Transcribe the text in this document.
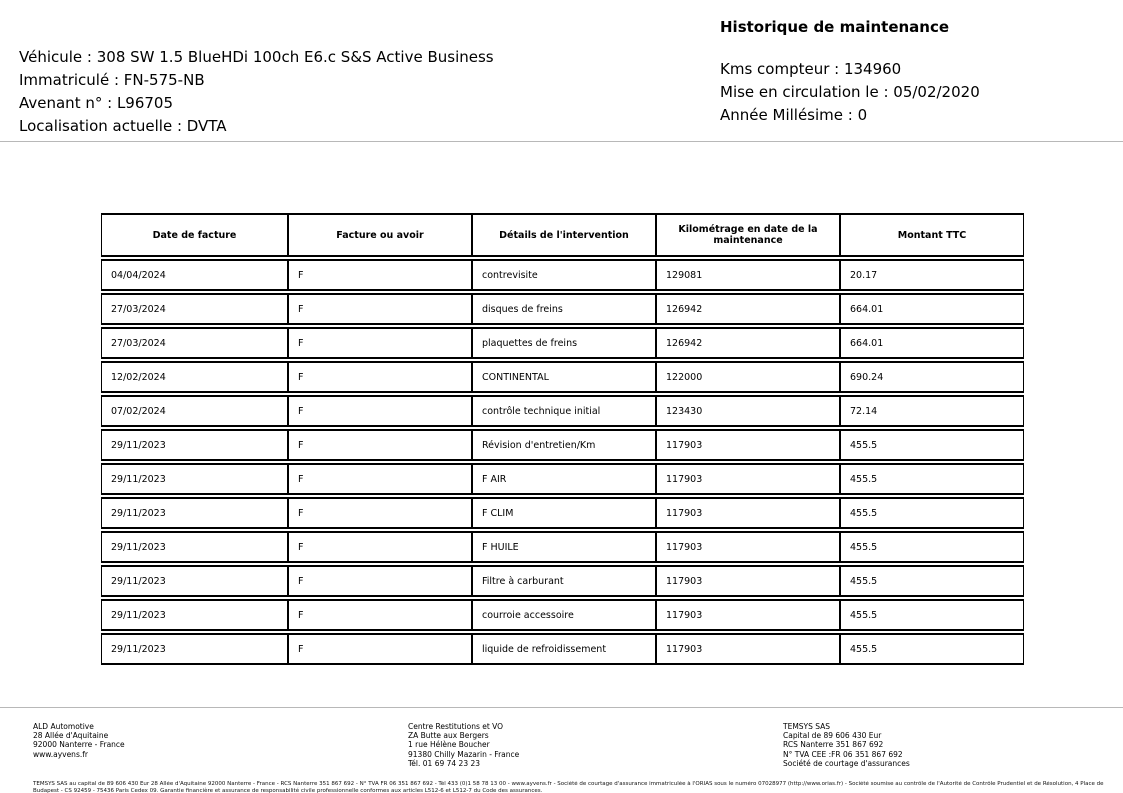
Véhicule : 308 SW 1.5 BlueHDi 100ch E6.c S&S Active Business
Immatriculé : FN-575-NB
Avenant n° : L96705
Localisation actuelle : DVTA
Historique de maintenance
Kms compteur : 134960
Mise en circulation le : 05/02/2020
Année Millésime : 0
Date de facture	Facture ou avoir	Détails de l'intervention	Kilométrage en date de la maintenance	Montant TTC
04/04/2024	F	contrevisite	129081	20.17
27/03/2024	F	disques de freins	126942	664.01
27/03/2024	F	plaquettes de freins	126942	664.01
12/02/2024	F	CONTINENTAL	122000	690.24
07/02/2024	F	contrôle technique initial	123430	72.14
29/11/2023	F	Révision d'entretien/Km	117903	455.5
29/11/2023	F	F AIR	117903	455.5
29/11/2023	F	F CLIM	117903	455.5
29/11/2023	F	F HUILE	117903	455.5
29/11/2023	F	Filtre à carburant	117903	455.5
29/11/2023	F	courroie accessoire	117903	455.5
29/11/2023	F	liquide de refroidissement	117903	455.5
ALD Automotive
28 Allée d'Aquitaine
92000 Nanterre - France
www.ayvens.fr
Centre Restitutions et VO
ZA Butte aux Bergers
1 rue Hélène Boucher
91380 Chilly Mazarin - France
Tél. 01 69 74 23 23
TEMSYS SAS
Capital de 89 606 430 Eur
RCS Nanterre 351 867 692
N° TVA CEE :FR 06 351 867 692
Société de courtage d'assurances
TEMSYS SAS au capital de 89 606 430 Eur 28 Allée d'Aquitaine 92000 Nanterre - France - RCS Nanterre 351 867 692 - N° TVA FR 06 351 867 692 - Tél 433 (0)1 58 78 13 00 - www.ayvens.fr - Société de courtage d'assurance immatriculée à l'ORIAS sous le numéro 07028977 (http://www.orias.fr) - Société soumise au contrôle de l'Autorité de Contrôle Prudentiel et de Résolution, 4 Place de Budapest - CS 92459 - 75436 Paris Cedex 09. Garantie financière et assurance de responsabilité civile professionnelle conformes aux articles L512-6 et L512-7 du Code des assurances.
